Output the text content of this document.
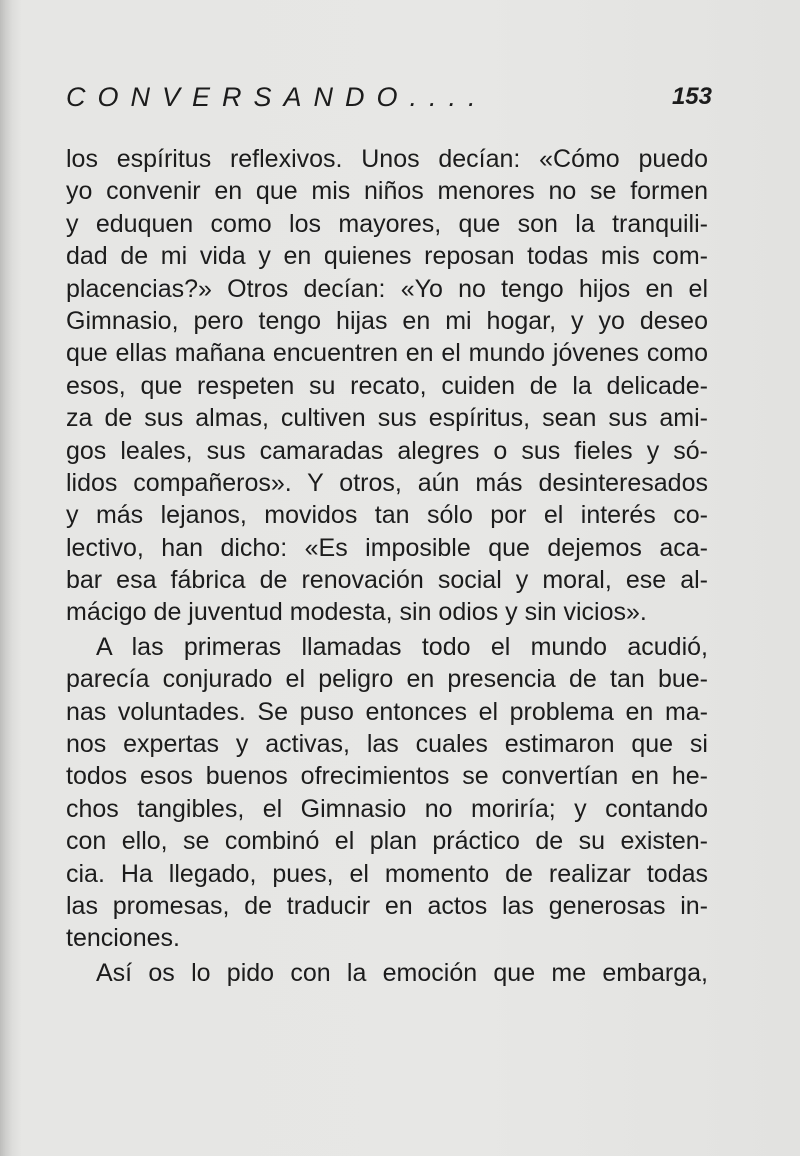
CONVERSANDO....	153
los espíritus reflexivos. Unos decían: «Cómo puedo
yo convenir en que mis niños menores no se formen
y eduquen como los mayores, que son la tranquili-
dad de mi vida y en quienes reposan todas mis com-
placencias?» Otros decían: «Yo no tengo hijos en el
Gimnasio, pero tengo hijas en mi hogar, y yo deseo
que ellas mañana encuentren en el mundo jóvenes como
esos, que respeten su recato, cuiden de la delicade-
za de sus almas, cultiven sus espíritus, sean sus ami-
gos leales, sus camaradas alegres o sus fieles y só-
lidos compañeros». Y otros, aún más desinteresados
y más lejanos, movidos tan sólo por el interés co-
lectivo, han dicho: «Es imposible que dejemos aca-
bar esa fábrica de renovación social y moral, ese al-
mácigo de juventud modesta, sin odios y sin vicios».
A las primeras llamadas todo el mundo acudió,
parecía conjurado el peligro en presencia de tan bue-
nas voluntades. Se puso entonces el problema en ma-
nos expertas y activas, las cuales estimaron que si
todos esos buenos ofrecimientos se convertían en he-
chos tangibles, el Gimnasio no moriría; y contando
con ello, se combinó el plan práctico de su existen-
cia. Ha llegado, pues, el momento de realizar todas
las promesas, de traducir en actos las generosas in-
tenciones.
Así os lo pido con la emoción que me embarga,
